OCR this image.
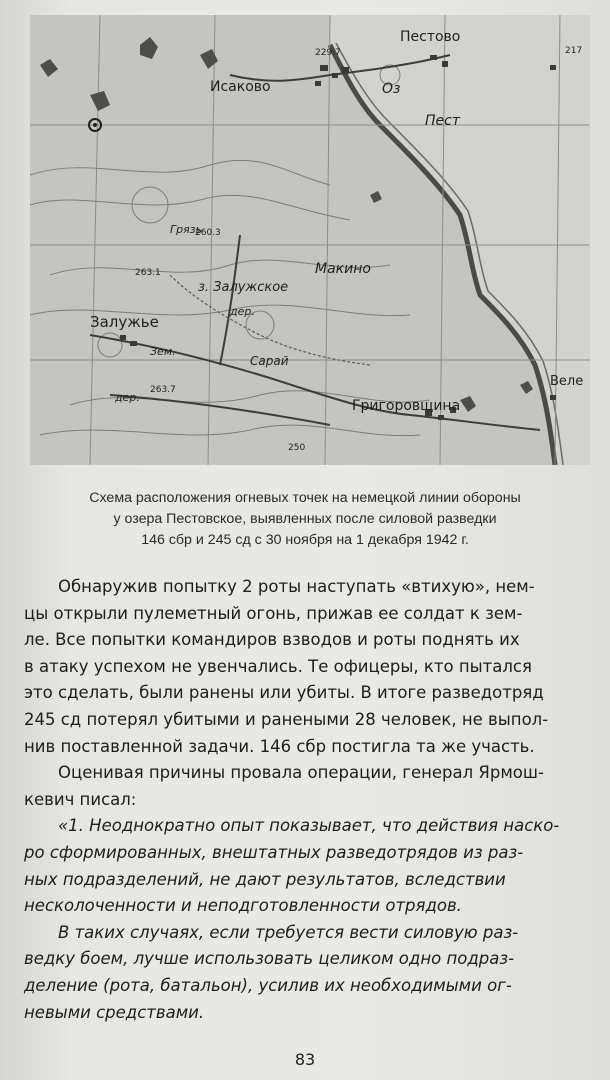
Пестово
Исаково
Залужье
з. Залужское
Макино
Григоровщина
Веле
Оз
Пест
Сарай
дер.
дер.
Зем.
Грязь
229.7	217
263.1
263.7
260.3
250
Схема расположения огневых точек на немецкой линии обороны
у озера Пестовское, выявленных после силовой разведки
146 сбр и 245 сд с 30 ноября на 1 декабря 1942 г.
Обнаружив попытку 2 роты наступать «втихую», нем-
цы открыли пулеметный огонь, прижав ее солдат к зем-
ле. Все попытки командиров взводов и роты поднять их
в атаку успехом не увенчались. Те офицеры, кто пытался
это сделать, были ранены или убиты. В итоге разведотряд
245 сд потерял убитыми и ранеными 28 человек, не выпол-
нив поставленной задачи. 146 сбр постигла та же участь.
Оценивая причины провала операции, генерал Ярмош-
кевич писал:
«1. Неоднократно опыт показывает, что действия наско-
ро сформированных, внештатных разведотрядов из раз-
ных подразделений, не дают результатов, вследствии
несколоченности и неподготовленности отрядов.
В таких случаях, если требуется вести силовую раз-
ведку боем, лучше использовать целиком одно подраз-
деление (рота, батальон), усилив их необходимыми ог-
невыми средствами.
83
